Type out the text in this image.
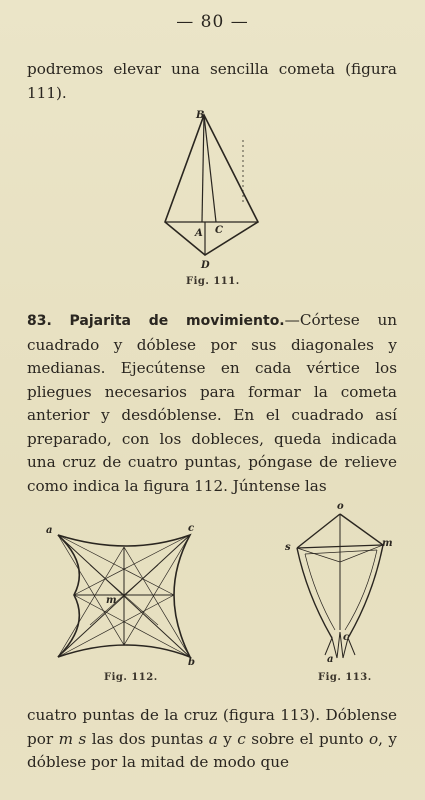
— 80 —

podremos elevar una sencilla cometa (figura 111).

B
A C
D
Fig. 111.

83. Pajarita de movimiento.—Córtese un cuadrado y dóblese por sus diagonales y medianas. Ejecútense en cada vértice los pliegues necesarios para formar la cometa anterior y desdóblense. En el cuadrado así preparado, con los dobleces, queda indicada una cruz de cuatro puntas, póngase de relieve como indica la figura 112. Júntense las

a	c
m
b
Fig. 112.
o
s	m
c
a
Fig. 113.

cuatro puntas de la cruz (figura 113). Dóblense por m s las dos puntas a y c sobre el punto o, y dóblese por la mitad de modo que
